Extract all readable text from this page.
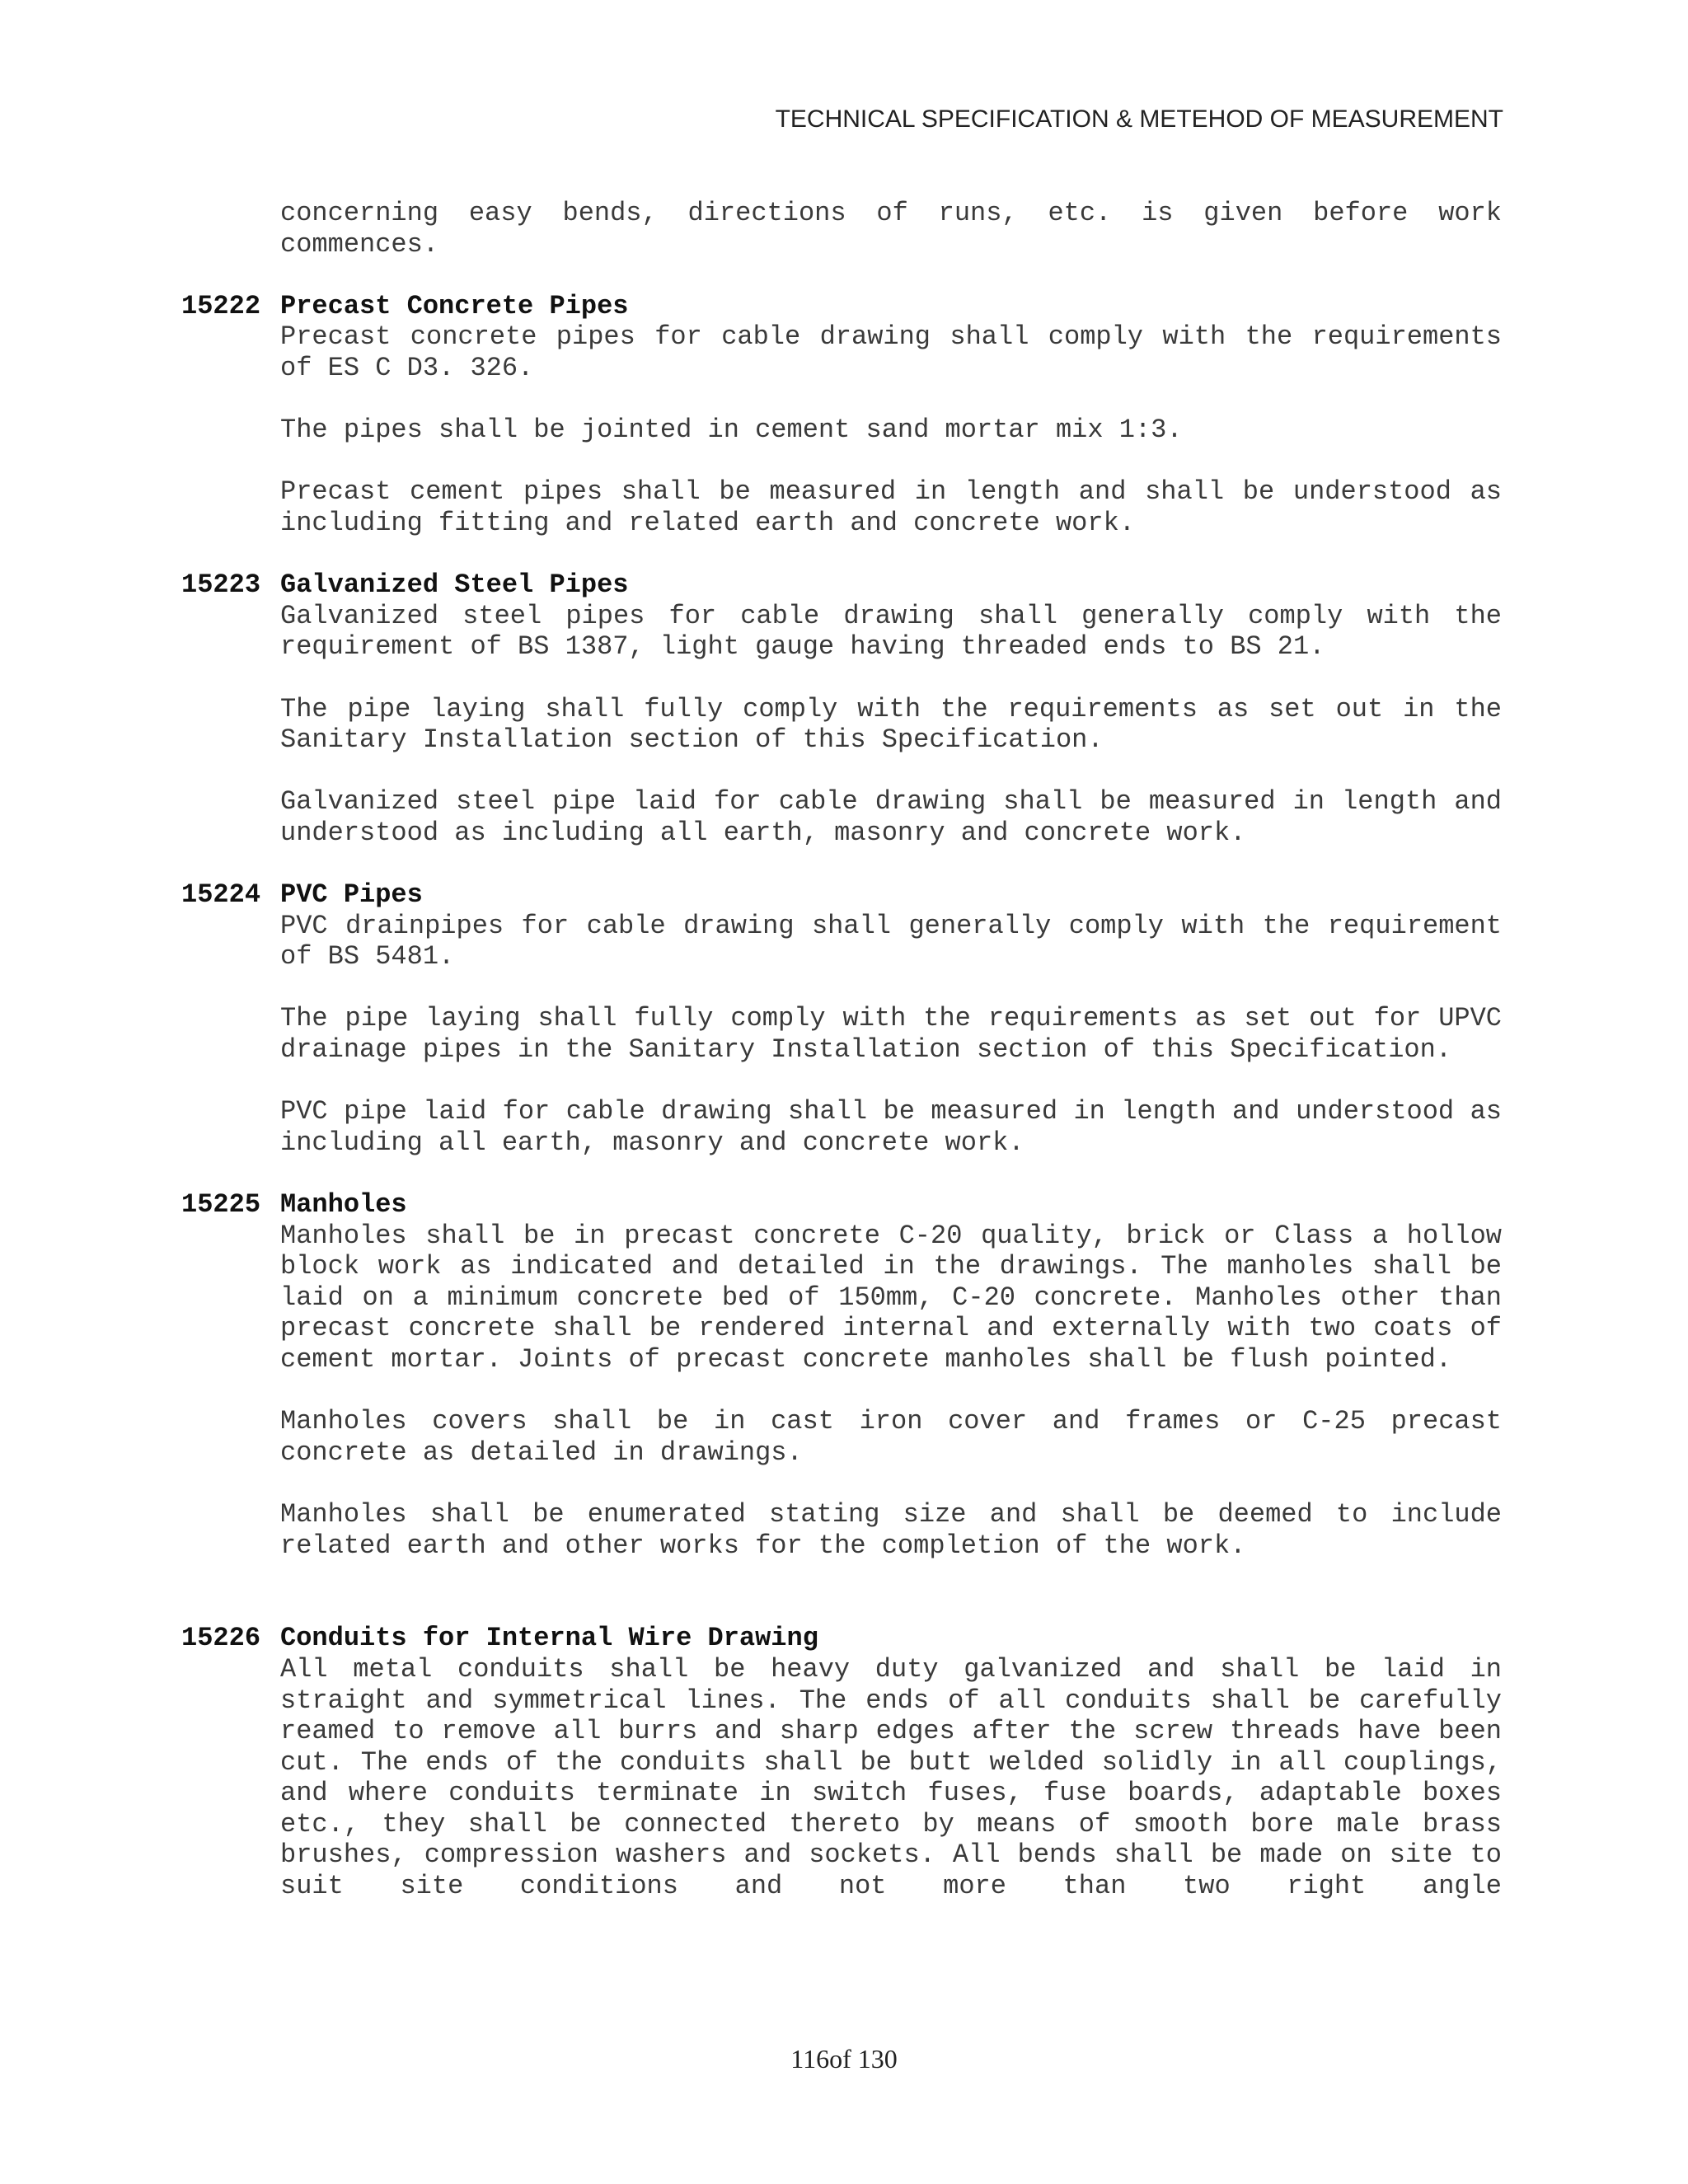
TECHNICAL SPECIFICATION & METEHOD OF MEASUREMENT
concerning easy bends, directions of runs, etc. is given before work commences.
15222 Precast Concrete Pipes
Precast concrete pipes for cable drawing shall comply with the requirements of ES C D3. 326.
The pipes shall be jointed in cement sand mortar mix 1:3.
Precast cement pipes shall be measured in length and shall be understood as including fitting and related earth and concrete work.
15223 Galvanized Steel Pipes
Galvanized steel pipes for cable drawing shall generally comply with the requirement of BS 1387, light gauge having threaded ends to BS 21.
The pipe laying shall fully comply with the requirements as set out in the Sanitary Installation section of this Specification.
Galvanized steel pipe laid for cable drawing shall be measured in length and understood as including all earth, masonry and concrete work.
15224 PVC Pipes
PVC drainpipes for cable drawing shall generally comply with the requirement of BS 5481.
The pipe laying shall fully comply with the requirements as set out for UPVC drainage pipes in the Sanitary Installation section of this Specification.
PVC pipe laid for cable drawing shall be measured in length and understood as including all earth, masonry and concrete work.
15225 Manholes
Manholes shall be in precast concrete C-20 quality, brick or Class a hollow block work as indicated and detailed in the drawings. The manholes shall be laid on a minimum concrete bed of 150mm, C-20 concrete. Manholes other than precast concrete shall be rendered internal and externally with two coats of cement mortar. Joints of precast concrete manholes shall be flush pointed.
Manholes covers shall be in cast iron cover and frames or C-25 precast concrete as detailed in drawings.
Manholes shall be enumerated stating size and shall be deemed to include related earth and other works for the completion of the work.
15226 Conduits for Internal Wire Drawing
All metal conduits shall be heavy duty galvanized and shall be laid in straight and symmetrical lines. The ends of all conduits shall be carefully reamed to remove all burrs and sharp edges after the screw threads have been cut. The ends of the conduits shall be butt welded solidly in all couplings, and where conduits terminate in switch fuses, fuse boards, adaptable boxes etc., they shall be connected thereto by means of smooth bore male brass brushes, compression washers and sockets. All bends shall be made on site to suit site conditions and not more than two right angle
116of 130
